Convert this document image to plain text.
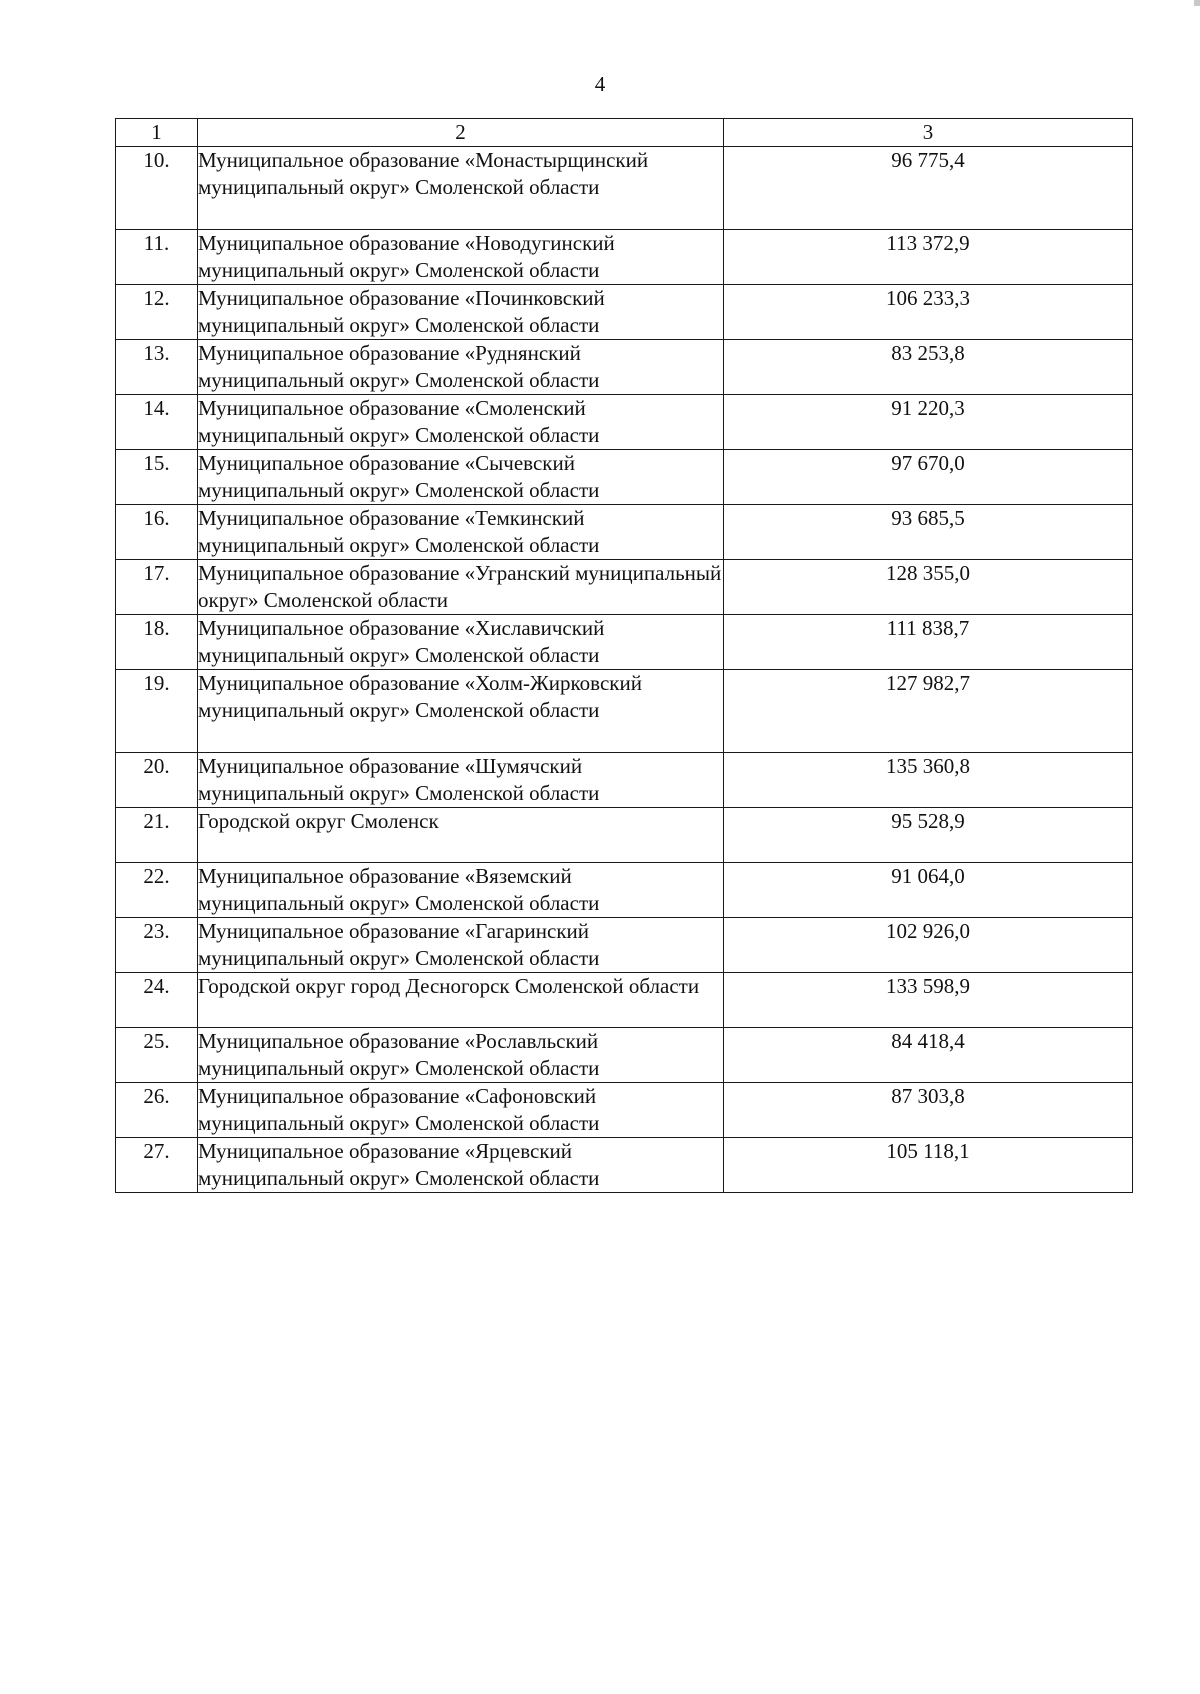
4
1	2	3
10.	Муниципальное образование «Монастырщинский муниципальный округ» Смоленской области	96 775,4
11.	Муниципальное образование «Новодугинский муниципальный округ» Смоленской области	113 372,9
12.	Муниципальное образование «Починковский муниципальный округ» Смоленской области	106 233,3
13.	Муниципальное образование «Руднянский муниципальный округ» Смоленской области	83 253,8
14.	Муниципальное образование «Смоленский муниципальный округ» Смоленской области	91 220,3
15.	Муниципальное образование «Сычевский муниципальный округ» Смоленской области	97 670,0
16.	Муниципальное образование «Темкинский муниципальный округ» Смоленской области	93 685,5
17.	Муниципальное образование «Угранский муниципальный округ» Смоленской области	128 355,0
18.	Муниципальное образование «Хиславичский муниципальный округ» Смоленской области	111 838,7
19.	Муниципальное образование «Холм-Жирковский муниципальный округ» Смоленской области	127 982,7
20.	Муниципальное образование «Шумячский муниципальный округ» Смоленской области	135 360,8
21.	Городской округ Смоленск	95 528,9
22.	Муниципальное образование «Вяземский муниципальный округ» Смоленской области	91 064,0
23.	Муниципальное образование «Гагаринский муниципальный округ» Смоленской области	102 926,0
24.	Городской округ город Десногорск Смоленской области	133 598,9
25.	Муниципальное образование «Рославльский муниципальный округ» Смоленской области	84 418,4
26.	Муниципальное образование «Сафоновский муниципальный округ» Смоленской области	87 303,8
27.	Муниципальное образование «Ярцевский муниципальный округ» Смоленской области	105 118,1
